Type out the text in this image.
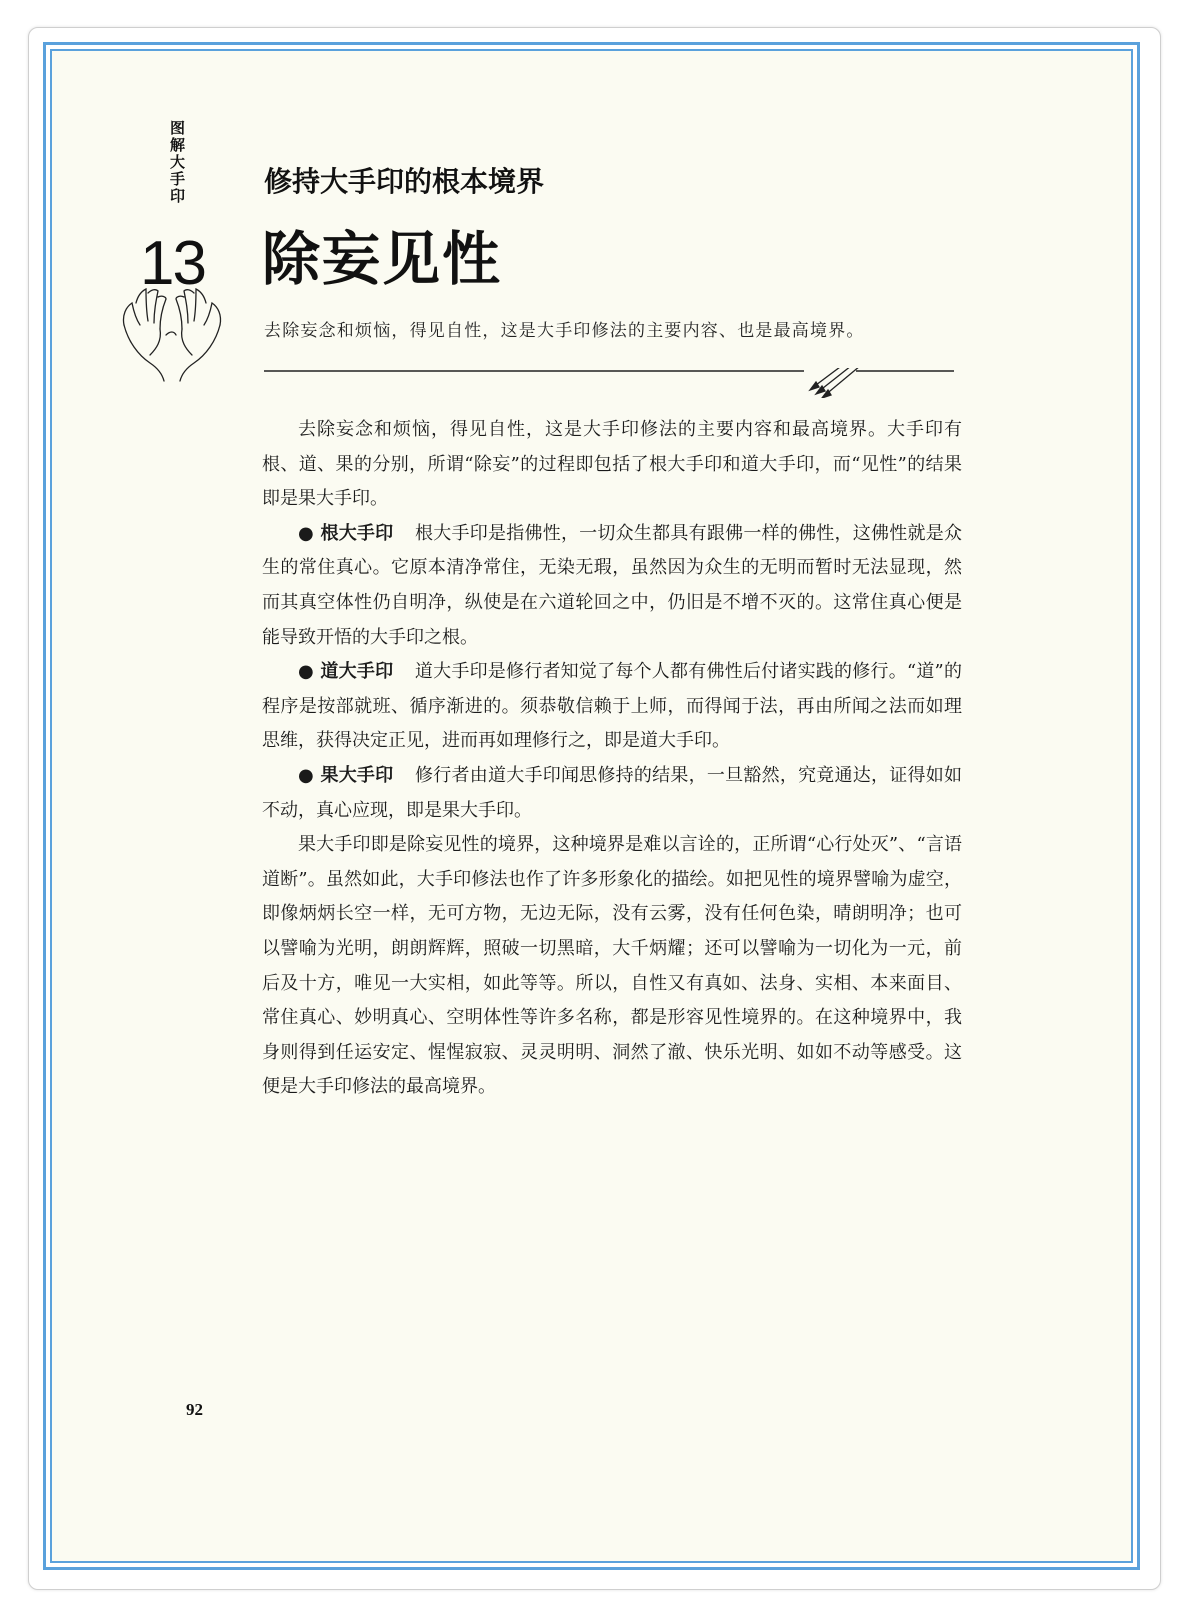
图解大手印
13
修持大手印的根本境界
除妄见性
去除妄念和烦恼，得见自性，这是大手印修法的主要内容、也是最高境界。

去除妄念和烦恼，得见自性，这是大手印修法的主要内容和最高境界。大手印有根、道、果的分别，所谓“除妄”的过程即包括了根大手印和道大手印，而“见性”的结果即是果大手印。

● 根大手印 根大手印是指佛性，一切众生都具有跟佛一样的佛性，这佛性就是众生的常住真心。它原本清净常住，无染无瑕，虽然因为众生的无明而暂时无法显现，然而其真空体性仍自明净，纵使是在六道轮回之中，仍旧是不增不灭的。这常住真心便是能导致开悟的大手印之根。

● 道大手印 道大手印是修行者知觉了每个人都有佛性后付诸实践的修行。“道”的程序是按部就班、循序渐进的。须恭敬信赖于上师，而得闻于法，再由所闻之法而如理思维，获得决定正见，进而再如理修行之，即是道大手印。

● 果大手印 修行者由道大手印闻思修持的结果，一旦豁然，究竟通达，证得如如不动，真心应现，即是果大手印。

果大手印即是除妄见性的境界，这种境界是难以言诠的，正所谓“心行处灭”、“言语道断”。虽然如此，大手印修法也作了许多形象化的描绘。如把见性的境界譬喻为虚空，即像炳炳长空一样，无可方物，无边无际，没有云雾，没有任何色染，晴朗明净；也可以譬喻为光明，朗朗辉辉，照破一切黑暗，大千炳耀；还可以譬喻为一切化为一元，前后及十方，唯见一大实相，如此等等。所以，自性又有真如、法身、实相、本来面目、常住真心、妙明真心、空明体性等许多名称，都是形容见性境界的。在这种境界中，我身则得到任运安定、惺惺寂寂、灵灵明明、洞然了澈、快乐光明、如如不动等感受。这便是大手印修法的最高境界。

92
